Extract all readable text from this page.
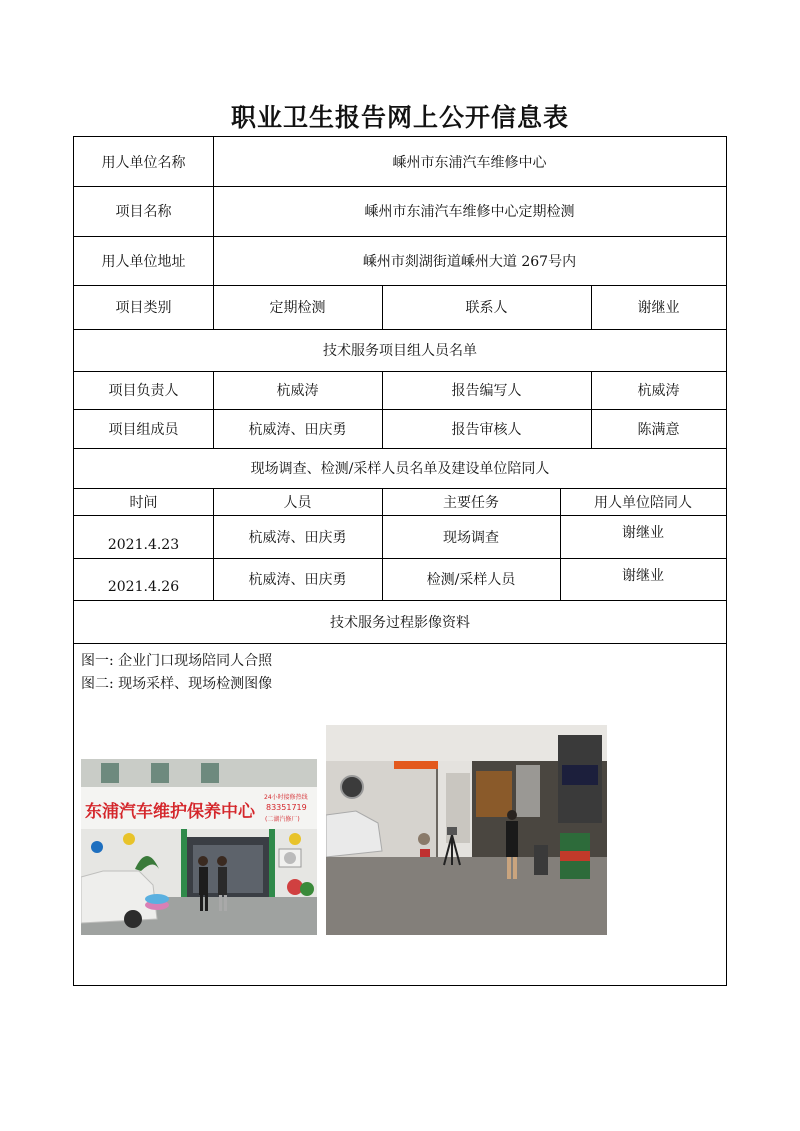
职业卫生报告网上公开信息表
用人单位名称	嵊州市东浦汽车维修中心
项目名称	嵊州市东浦汽车维修中心定期检测
用人单位地址	嵊州市剡湖街道嵊州大道 267号内
项目类别	定期检测	联系人	谢继业
技术服务项目组人员名单
项目负责人	杭威涛	报告编写人	杭威涛
项目组成员	杭威涛、田庆勇	报告审核人	陈满意
现场调查、检测/采样人员名单及建设单位陪同人
时间	人员	主要任务	用人单位陪同人
2021.4.23	杭威涛、田庆勇	现场调查	谢继业
2021.4.26	杭威涛、田庆勇	检测/采样人员	谢继业
技术服务过程影像资料
图一: 企业门口现场陪同人合照
图二: 现场采样、现场检测图像
东浦汽车维护保养中心
24小时接修热线
83351719
(二湖汽修厂)
